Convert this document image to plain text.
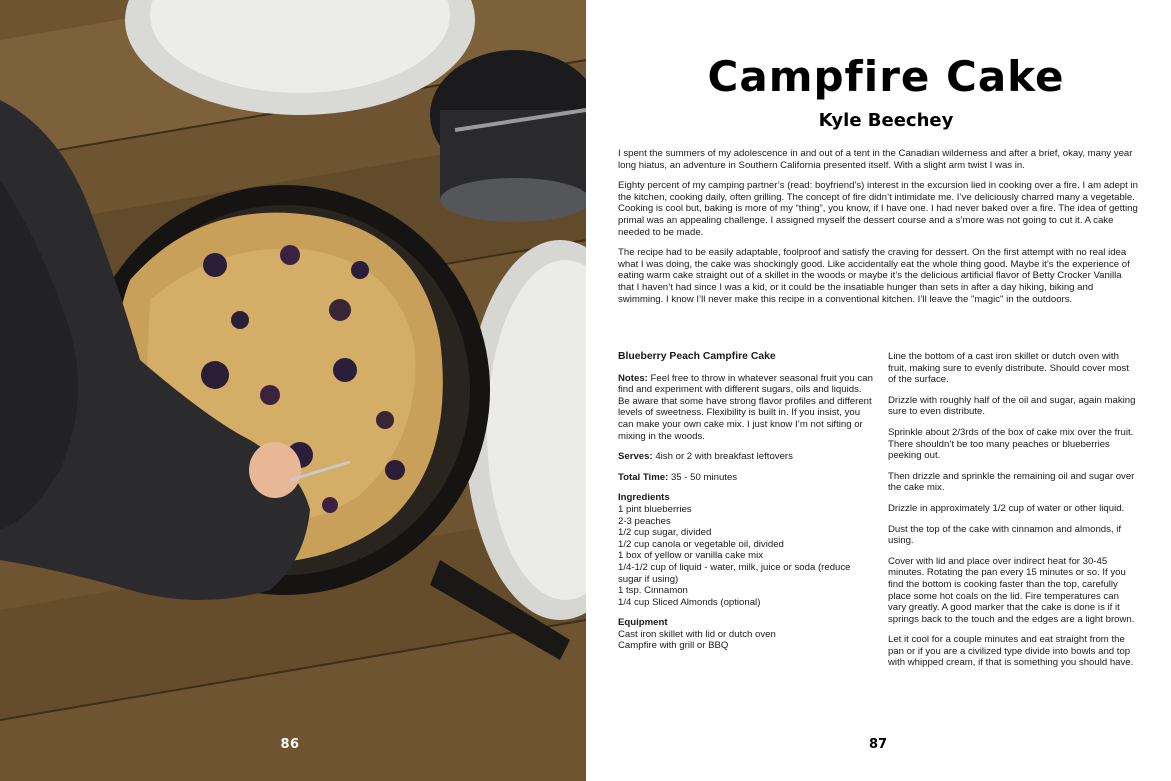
86
Campfire Cake
Kyle Beechey

I spent the summers of my adolescence in and out of a tent in the Canadian wilderness and after a brief, okay, many year long hiatus, an adventure in Southern California presented itself. With a slight arm twist I was in.

Eighty percent of my camping partner’s (read: boyfriend’s) interest in the excursion lied in cooking over a fire. I am adept in the kitchen, cooking daily, often grilling. The concept of fire didn’t intimidate me. I’ve deliciously charred many a vegetable. Cooking is cool but, baking is more of my “thing”, you know, if I have one. I had never baked over a fire. The idea of getting primal was an appealing challenge. I assigned myself the dessert course and a s’more was not going to cut it. A cake needed to be made.

The recipe had to be easily adaptable, foolproof and satisfy the craving for dessert. On the first attempt with no real idea what I was doing, the cake was shockingly good. Like accidentally eat the whole thing good. Maybe it’s the experience of eating warm cake straight out of a skillet in the woods or maybe it’s the delicious artificial flavor of Betty Crocker Vanilla that I haven’t had since I was a kid, or it could be the insatiable hunger than sets in after a day hiking, biking and swimming. I know I’ll never make this recipe in a conventional kitchen. I’ll leave the "magic" in the outdoors.

Blueberry Peach Campfire Cake

Notes: Feel free to throw in whatever seasonal fruit you can find and experiment with different sugars, oils and liquids. Be aware that some have strong flavor profiles and different levels of sweetness. Flexibility is built in. If you insist, you can make your own cake mix. I just know I’m not sifting or mixing in the woods.

Serves: 4ish or 2 with breakfast leftovers

Total Time: 35 - 50 minutes

Ingredients
1 pint blueberries
2-3 peaches
1/2 cup sugar, divided
1/2 cup canola or vegetable oil, divided
1 box of yellow or vanilla cake mix
1/4-1/2 cup of liquid - water, milk, juice or soda (reduce sugar if using)
1 tsp. Cinnamon
1/4 cup Sliced Almonds (optional)
Equipment
Cast iron skillet with lid or dutch oven
Campfire with grill or BBQ

Line the bottom of a cast iron skillet or dutch oven with fruit, making sure to evenly distribute. Should cover most of the surface.

Drizzle with roughly half of the oil and sugar, again making sure to even distribute.

Sprinkle about 2/3rds of the box of cake mix over the fruit. There shouldn’t be too many peaches or blueberries peeking out.

Then drizzle and sprinkle the remaining oil and sugar over the cake mix.

Drizzle in approximately 1/2 cup of water or other liquid.

Dust the top of the cake with cinnamon and almonds, if using.

Cover with lid and place over indirect heat for 30-45 minutes. Rotating the pan every 15 minutes or so. If you find the bottom is cooking faster than the top, carefully place some hot coals on the lid. Fire temperatures can vary greatly. A good marker that the cake is done is if it springs back to the touch and the edges are a light brown.

Let it cool for a couple minutes and eat straight from the pan or if you are a civilized type divide into bowls and top with whipped cream, if that is something you should have.

87
